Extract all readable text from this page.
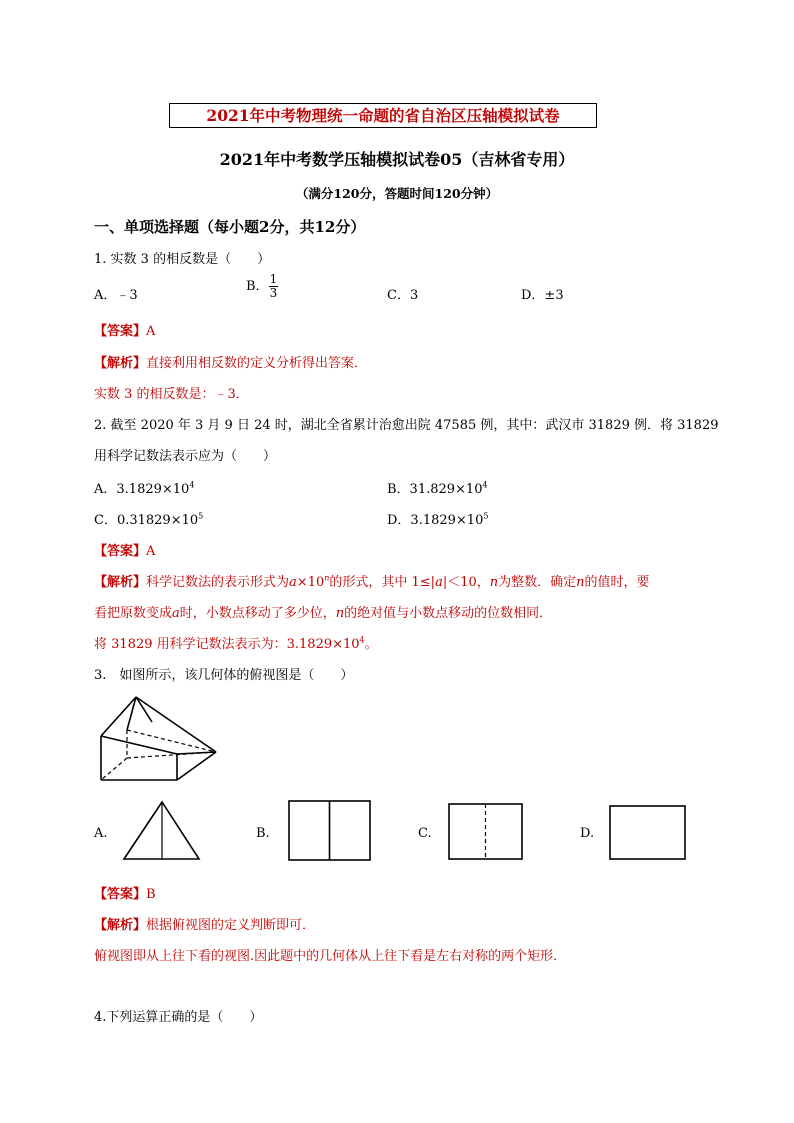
2021年中考物理统一命题的省自治区压轴模拟试卷
2021年中考数学压轴模拟试卷05（吉林省专用）
（满分120分，答题时间120分钟）
一、单项选择题（每小题2分，共12分）
1. 实数 3 的相反数是（　　）
A．﹣3
B． $\frac{1}{3}$	C．3	D．±3
【答案】A
【解析】直接利用相反数的定义分析得出答案．
实数 3 的相反数是：﹣3．
2. 截至 2020 年 3 月 9 日 24 时，湖北全省累计治愈出院 47585 例，其中：武汉市 31829 例．将 31829
用科学记数法表示应为（　　）
A．$3.1829\times 10^4$	B．$31.829\times 10^4$
C．$0.31829\times 10^5$	D．$3.1829\times 10^5$
【答案】A
【解析】科学记数法的表示形式为$a\times 10^n$的形式，其中 1≤|a|＜10，n为整数．确定n的值时，要
看把原数变成a时，小数点移动了多少位，n的绝对值与小数点移动的位数相同．
将 31829 用科学记数法表示为：$3.1829\times 10^4$。
3.　如图所示，该几何体的俯视图是（　　）
A.	B.	C.	D.
【答案】B
【解析】根据俯视图的定义判断即可．
俯视图即从上往下看的视图.因此题中的几何体从上往下看是左右对称的两个矩形．
4.下列运算正确的是（　　）
